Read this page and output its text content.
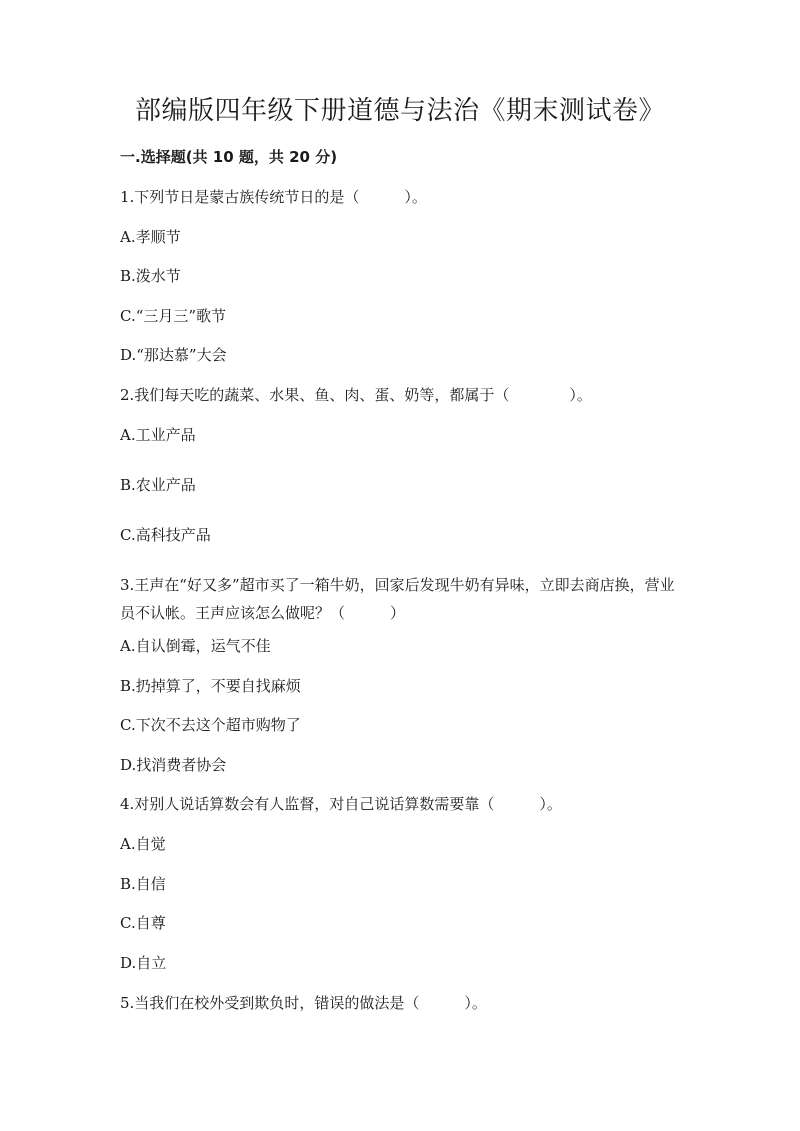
部编版四年级下册道德与法治《期末测试卷》
一.选择题(共 10 题，共 20 分)
1.下列节日是蒙古族传统节日的是（　　　）。
A.孝顺节
B.泼水节
C.“三月三”歌节
D.“那达慕”大会
2.我们每天吃的蔬菜、水果、鱼、肉、蛋、奶等，都属于（　　　　）。
A.工业产品
B.农业产品
C.高科技产品
3.王声在“好又多”超市买了一箱牛奶，回家后发现牛奶有异味，立即去商店换，营业员不认帐。王声应该怎么做呢？（　　　）
A.自认倒霉，运气不佳
B.扔掉算了，不要自找麻烦
C.下次不去这个超市购物了
D.找消费者协会
4.对别人说话算数会有人监督，对自己说话算数需要靠（　　　）。
A.自觉
B.自信
C.自尊
D.自立
5.当我们在校外受到欺负时，错误的做法是（　　　）。
